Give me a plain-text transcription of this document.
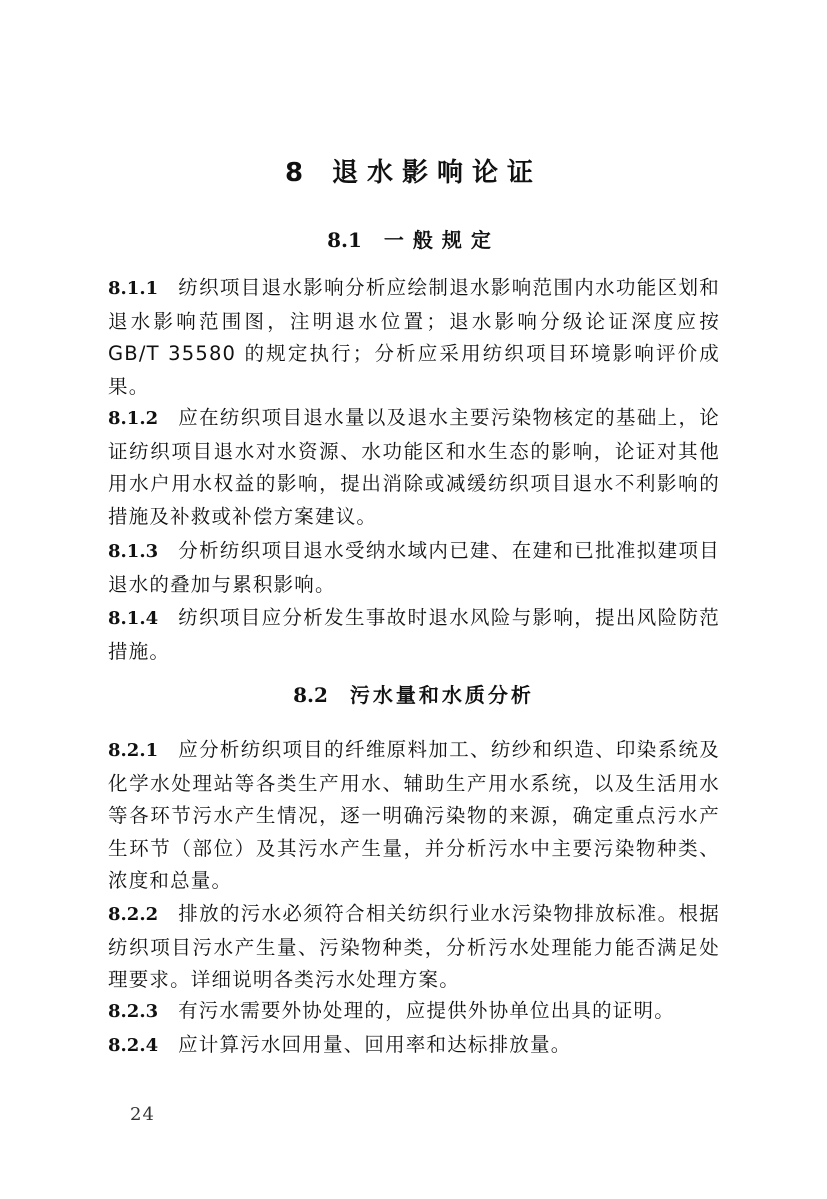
8 退水影响论证
8.1 一般规定

8.1.1 纺织项目退水影响分析应绘制退水影响范围内水功能区划和退水影响范围图，注明退水位置；退水影响分级论证深度应按 GB/T 35580 的规定执行；分析应采用纺织项目环境影响评价成果。

8.1.2 应在纺织项目退水量以及退水主要污染物核定的基础上，论证纺织项目退水对水资源、水功能区和水生态的影响，论证对其他用水户用水权益的影响，提出消除或减缓纺织项目退水不利影响的措施及补救或补偿方案建议。

8.1.3 分析纺织项目退水受纳水域内已建、在建和已批准拟建项目退水的叠加与累积影响。

8.1.4 纺织项目应分析发生事故时退水风险与影响，提出风险防范措施。

8.2 污水量和水质分析

8.2.1 应分析纺织项目的纤维原料加工、纺纱和织造、印染系统及化学水处理站等各类生产用水、辅助生产用水系统，以及生活用水等各环节污水产生情况，逐一明确污染物的来源，确定重点污水产生环节（部位）及其污水产生量，并分析污水中主要污染物种类、浓度和总量。

8.2.2 排放的污水必须符合相关纺织行业水污染物排放标准。根据纺织项目污水产生量、污染物种类，分析污水处理能力能否满足处理要求。详细说明各类污水处理方案。

8.2.3 有污水需要外协处理的，应提供外协单位出具的证明。

8.2.4 应计算污水回用量、回用率和达标排放量。

24
